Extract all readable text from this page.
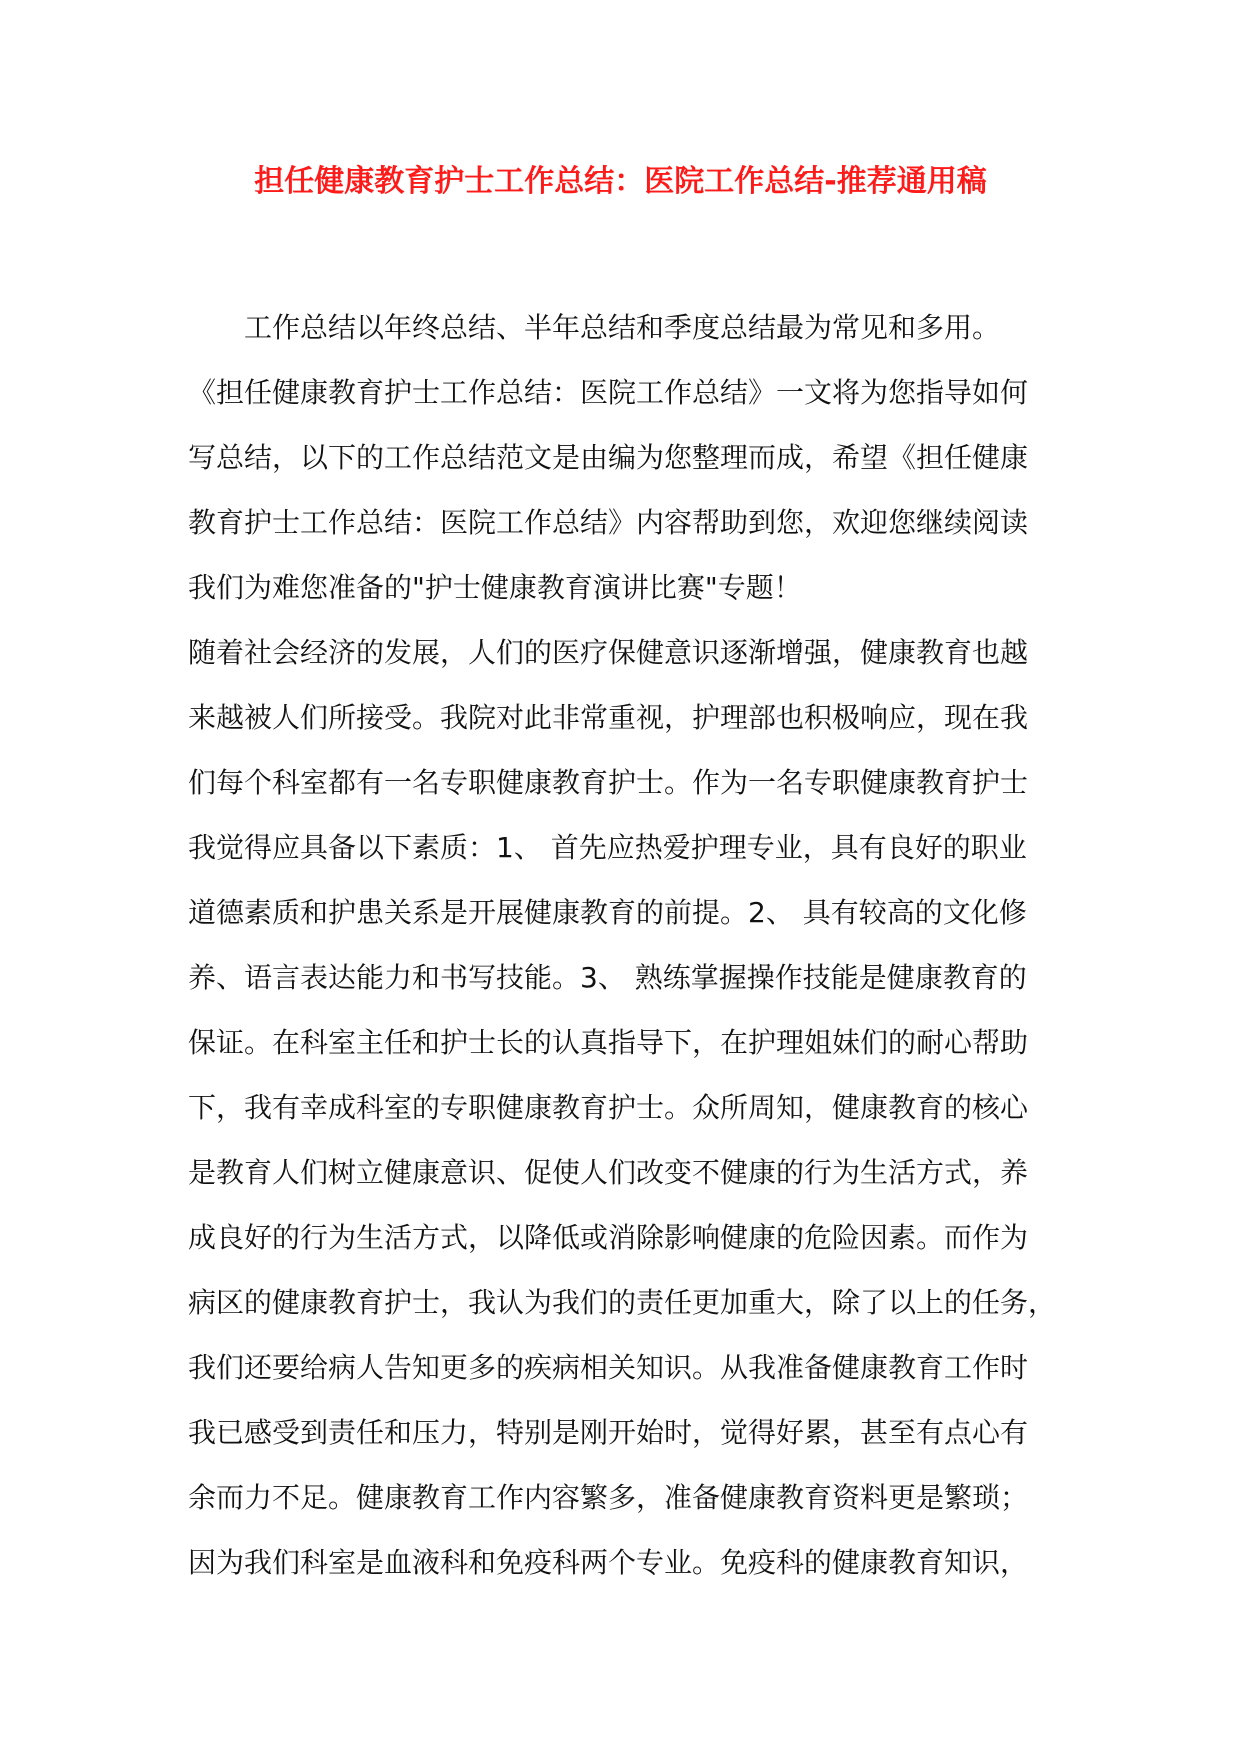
担任健康教育护士工作总结：医院工作总结-推荐通用稿
工作总结以年终总结、半年总结和季度总结最为常见和多用。
《担任健康教育护士工作总结：医院工作总结》一文将为您指导如何
写总结，以下的工作总结范文是由编为您整理而成，希望《担任健康
教育护士工作总结：医院工作总结》内容帮助到您，欢迎您继续阅读
我们为难您准备的"护士健康教育演讲比赛"专题！
随着社会经济的发展，人们的医疗保健意识逐渐增强，健康教育也越
来越被人们所接受。我院对此非常重视，护理部也积极响应，现在我
们每个科室都有一名专职健康教育护士。作为一名专职健康教育护士
我觉得应具备以下素质：1、 首先应热爱护理专业，具有良好的职业
道德素质和护患关系是开展健康教育的前提。2、 具有较高的文化修
养、语言表达能力和书写技能。3、 熟练掌握操作技能是健康教育的
保证。在科室主任和护士长的认真指导下，在护理姐妹们的耐心帮助
下，我有幸成科室的专职健康教育护士。众所周知，健康教育的核心
是教育人们树立健康意识、促使人们改变不健康的行为生活方式，养
成良好的行为生活方式，以降低或消除影响健康的危险因素。而作为
病区的健康教育护士，我认为我们的责任更加重大，除了以上的任务，
我们还要给病人告知更多的疾病相关知识。从我准备健康教育工作时
我已感受到责任和压力，特别是刚开始时，觉得好累，甚至有点心有
余而力不足。健康教育工作内容繁多，准备健康教育资料更是繁琐；
因为我们科室是血液科和免疫科两个专业。免疫科的健康教育知识，
